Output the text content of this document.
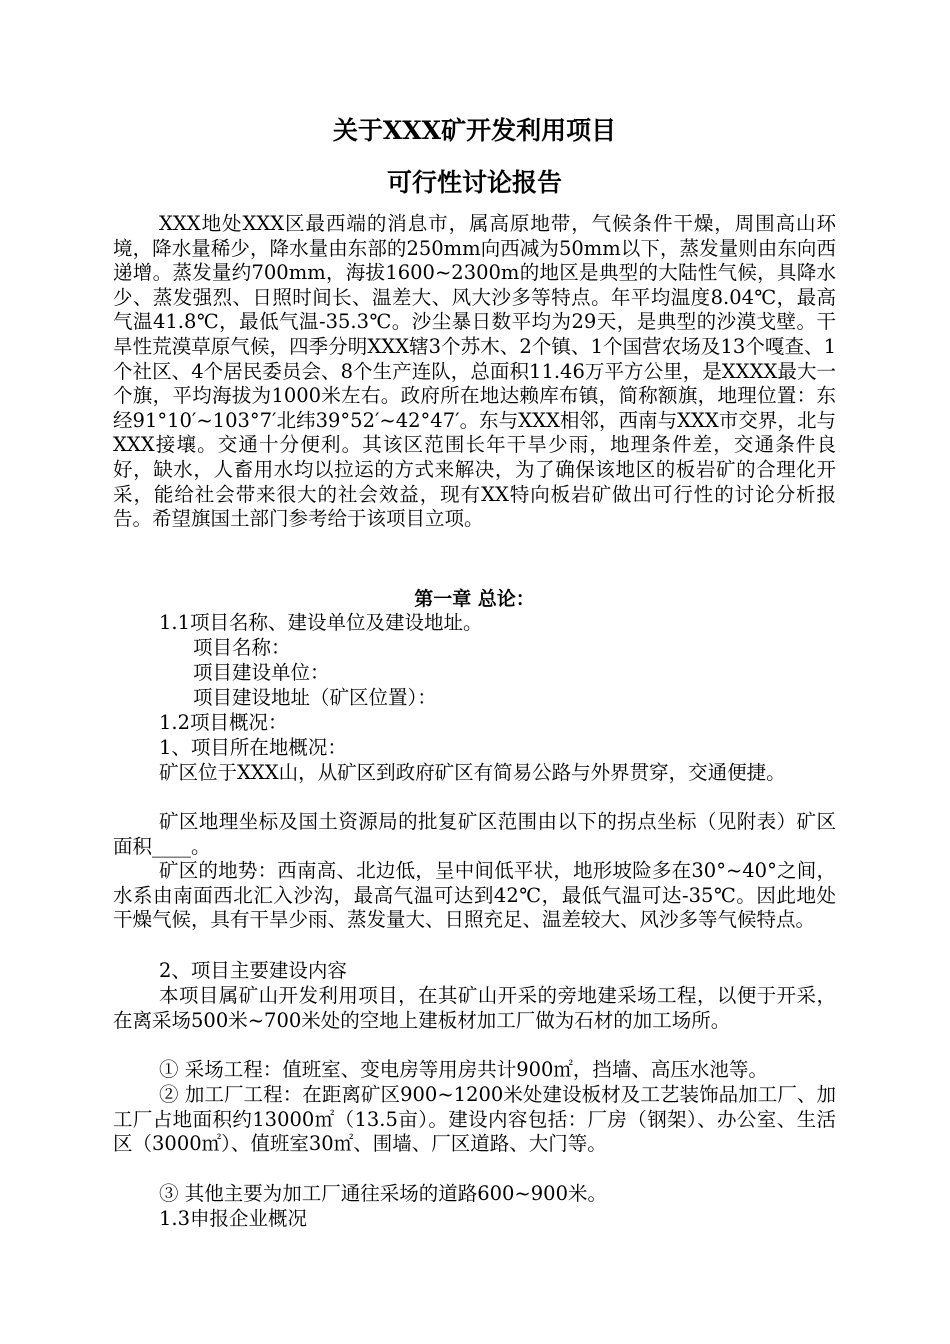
关于XXX矿开发利用项目
可行性讨论报告
XXX地处XXX区最西端的消息市，属高原地带，气候条件干燥，周围高山环境，降水量稀少，降水量由东部的250mm向西减为50mm以下，蒸发量则由东向西递增。蒸发量约700mm，海拔1600~2300m的地区是典型的大陆性气候，具降水少、蒸发强烈、日照时间长、温差大、风大沙多等特点。年平均温度8.04℃，最高气温41.8℃，最低气温-35.3℃。沙尘暴日数平均为29天，是典型的沙漠戈壁。干旱性荒漠草原气候，四季分明XXX辖3个苏木、2个镇、1个国营农场及13个嘎查、1个社区、4个居民委员会、8个生产连队，总面积11.46万平方公里，是XXXX最大一个旗，平均海拔为1000米左右。政府所在地达赖库布镇，简称额旗，地理位置：东经91°10′~103°7′北纬39°52′~42°47′。东与XXX相邻，西南与XXX市交界，北与XXX接壤。交通十分便利。其该区范围长年干旱少雨，地理条件差，交通条件良好，缺水，人畜用水均以拉运的方式来解决，为了确保该地区的板岩矿的合理化开采，能给社会带来很大的社会效益，现有XX特向板岩矿做出可行性的讨论分析报告。希望旗国土部门参考给于该项目立项。
第一章 总论：
1.1项目名称、建设单位及建设地址。
项目名称：
项目建设单位：
项目建设地址（矿区位置）：
1.2项目概况：
1、项目所在地概况：
矿区位于XXX山，从矿区到政府矿区有简易公路与外界贯穿，交通便捷。
矿区地理坐标及国土资源局的批复矿区范围由以下的拐点坐标（见附表）矿区面积____。
矿区的地势：西南高、北边低，呈中间低平状，地形坡险多在30°~40°之间，水系由南面西北汇入沙沟，最高气温可达到42℃，最低气温可达-35℃。因此地处干燥气候，具有干旱少雨、蒸发量大、日照充足、温差较大、风沙多等气候特点。
2、项目主要建设内容
本项目属矿山开发利用项目，在其矿山开采的旁地建采场工程，以便于开采，在离采场500米~700米处的空地上建板材加工厂做为石材的加工场所。
① 采场工程：值班室、变电房等用房共计900㎡，挡墙、高压水池等。
② 加工厂工程：在距离矿区900~1200米处建设板材及工艺装饰品加工厂、加工厂占地面积约13000㎡（13.5亩）。建设内容包括：厂房（钢架）、办公室、生活区（3000㎡）、值班室30㎡、围墙、厂区道路、大门等。
③ 其他主要为加工厂通往采场的道路600~900米。
1.3申报企业概况
